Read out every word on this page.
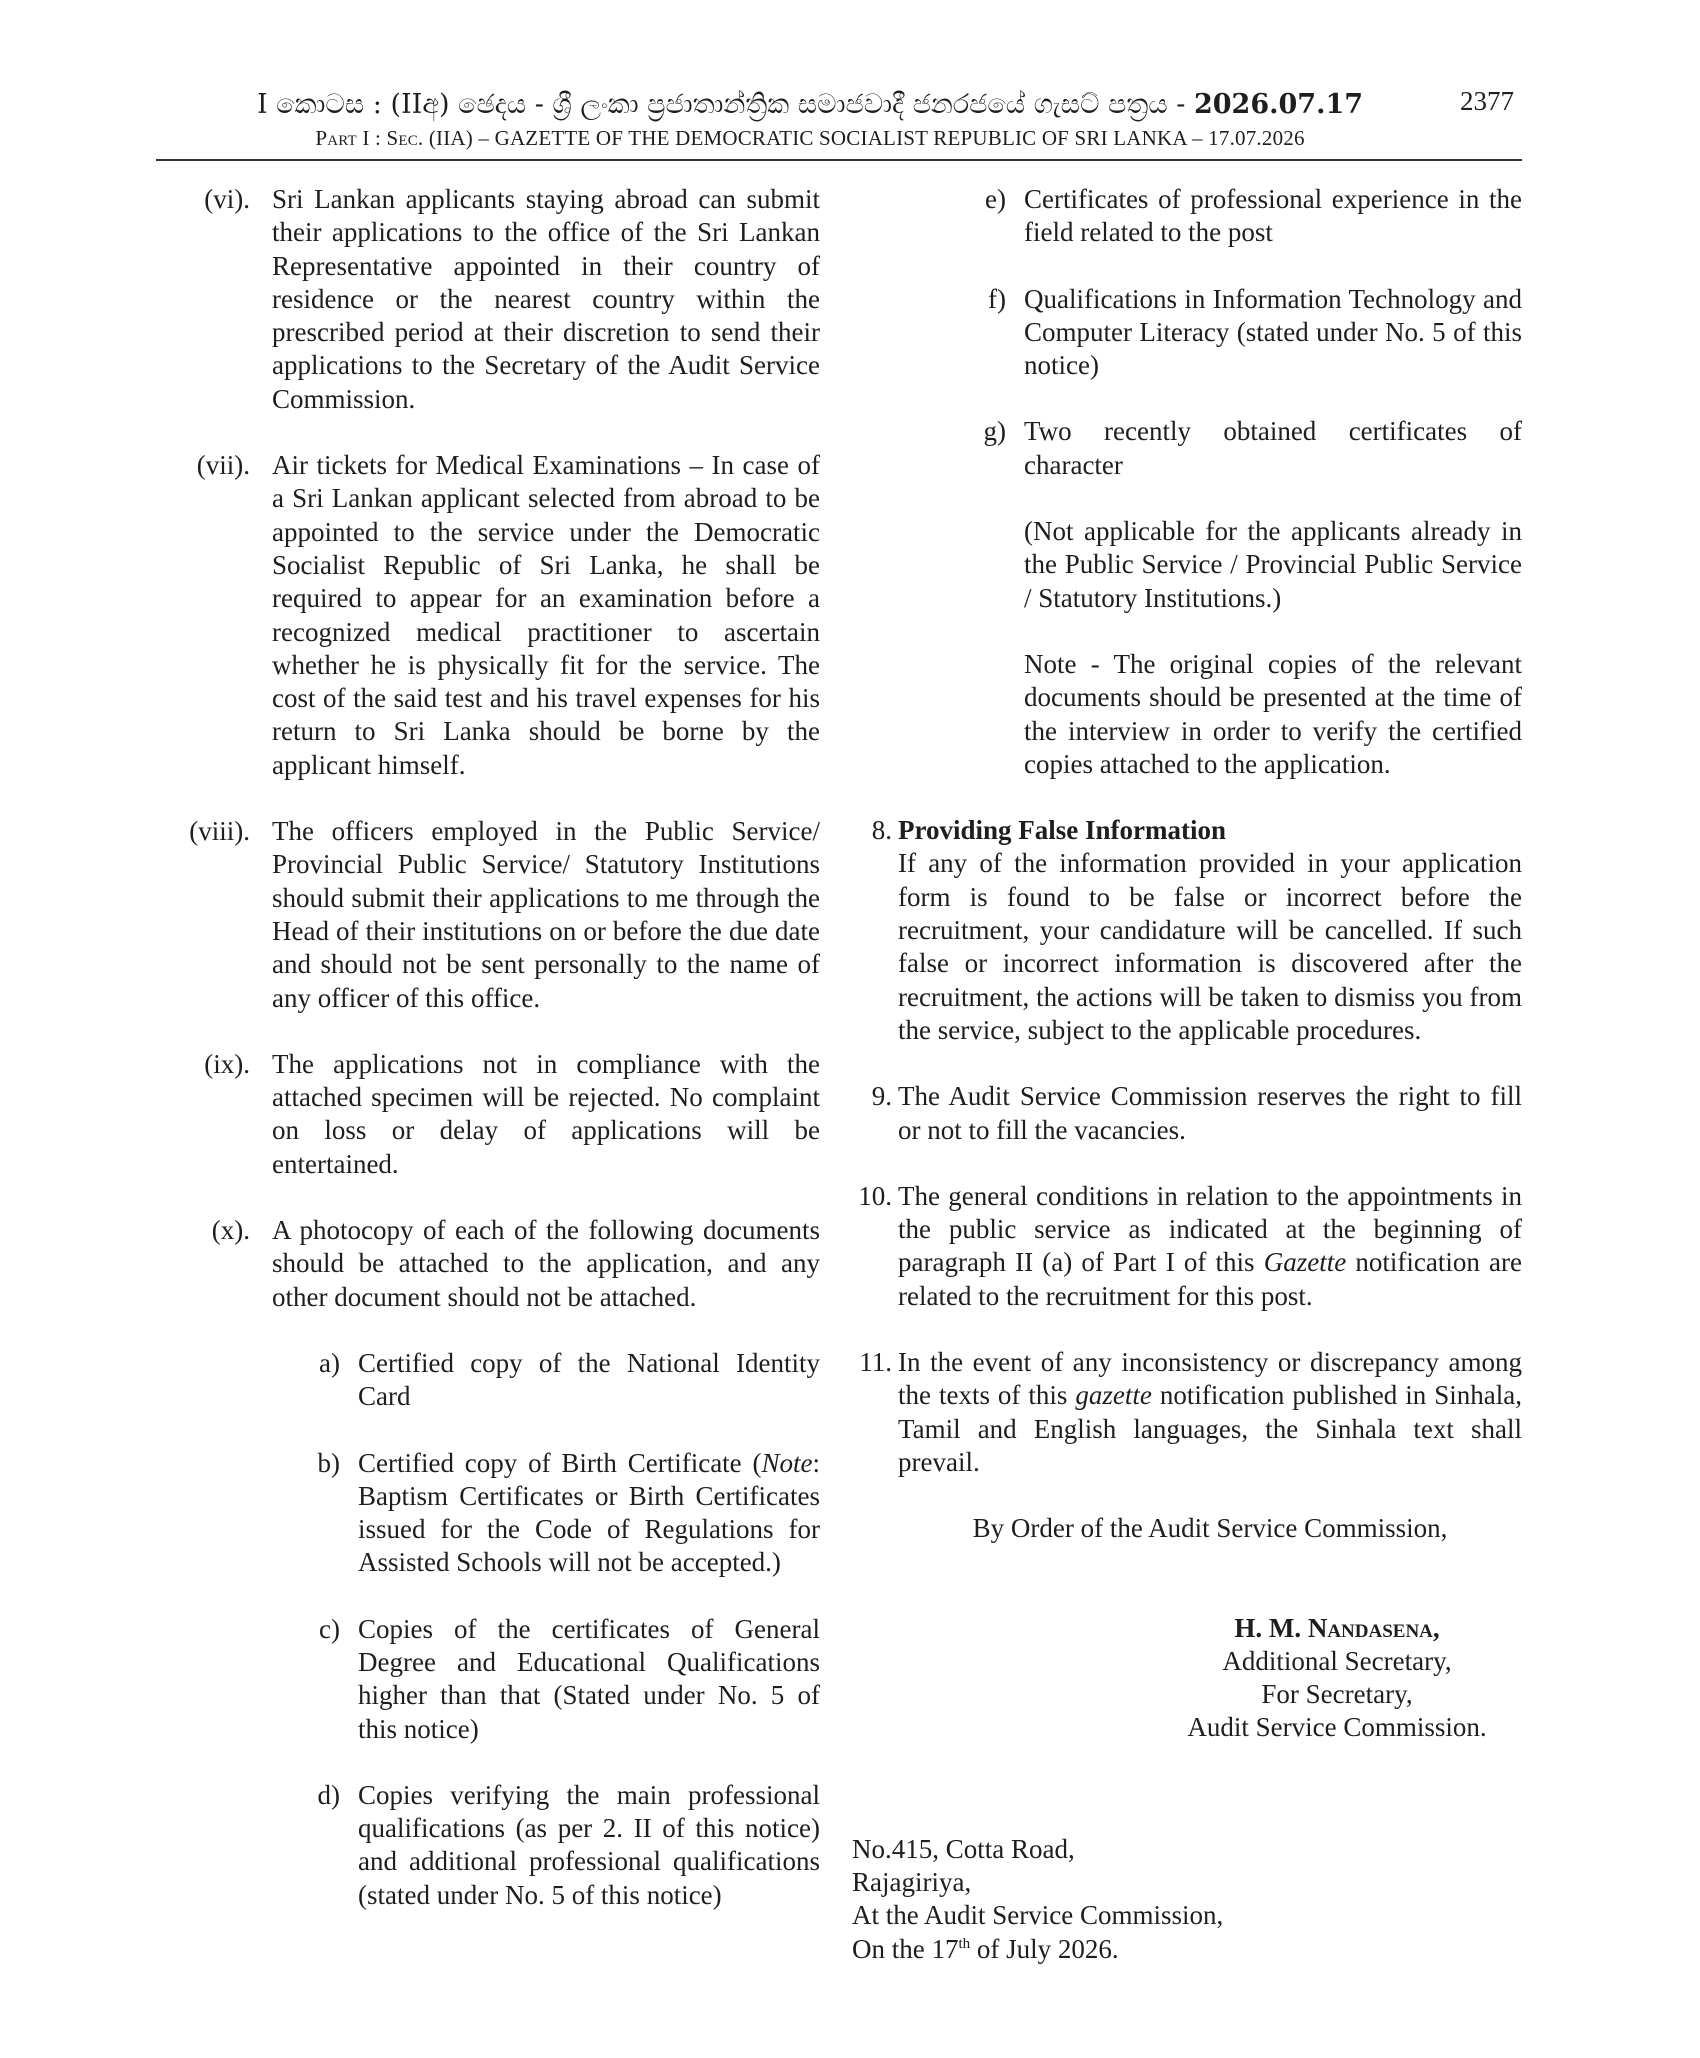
I කොටස : (IIඅ) ඡෙදය - ශ්‍රී ලංකා ප්‍රජාතාන්ත්‍රික සමාජවාදී ජනරජයේ ගැසට් පත්‍රය - 2026.07.17
Part I : Sec. (IIA) – GAZETTE OF THE DEMOCRATIC SOCIALIST REPUBLIC OF SRI LANKA – 17.07.2026
2377
(vi). Sri Lankan applicants staying abroad can submit their applications to the office of the Sri Lankan Representative appointed in their country of residence or the nearest country within the prescribed period at their discretion to send their applications to the Secretary of the Audit Service Commission.

(vii). Air tickets for Medical Examinations – In case of a Sri Lankan applicant selected from abroad to be appointed to the service under the Democratic Socialist Republic of Sri Lanka, he shall be required to appear for an examination before a recognized medical practitioner to ascertain whether he is physically fit for the service. The cost of the said test and his travel expenses for his return to Sri Lanka should be borne by the applicant himself.

(viii). The officers employed in the Public Service/ Provincial Public Service/ Statutory Institutions should submit their applications to me through the Head of their institutions on or before the due date and should not be sent personally to the name of any officer of this office.

(ix). The applications not in compliance with the attached specimen will be rejected. No complaint on loss or delay of applications will be entertained.

(x). A photocopy of each of the following documents should be attached to the application, and any other document should not be attached.

a) Certified copy of the National Identity Card

b) Certified copy of Birth Certificate (Note: Baptism Certificates or Birth Certificates issued for the Code of Regulations for Assisted Schools will not be accepted.)

c) Copies of the certificates of General Degree and Educational Qualifications higher than that (Stated under No. 5 of this notice)

d) Copies verifying the main professional qualifications (as per 2. II of this notice) and additional professional qualifications (stated under No. 5 of this notice)

e) Certificates of professional experience in the field related to the post

f) Qualifications in Information Technology and Computer Literacy (stated under No. 5 of this notice)

g) Two recently obtained certificates of character

(Not applicable for the applicants already in the Public Service / Provincial Public Service / Statutory Institutions.)

Note - The original copies of the relevant documents should be presented at the time of the interview in order to verify the certified copies attached to the application.

8. Providing False Information

If any of the information provided in your application form is found to be false or incorrect before the recruitment, your candidature will be cancelled. If such false or incorrect information is discovered after the recruitment, the actions will be taken to dismiss you from the service, subject to the applicable procedures.

9. The Audit Service Commission reserves the right to fill or not to fill the vacancies.

10. The general conditions in relation to the appointments in the public service as indicated at the beginning of paragraph II (a) of Part I of this Gazette notification are related to the recruitment for this post.

11. In the event of any inconsistency or discrepancy among the texts of this gazette notification published in Sinhala, Tamil and English languages, the Sinhala text shall prevail.

By Order of the Audit Service Commission,

H. M. Nandasena,

Additional Secretary,

For Secretary,

Audit Service Commission.

No.415, Cotta Road,

Rajagiriya,

At the Audit Service Commission,

On the 17th of July 2026.
